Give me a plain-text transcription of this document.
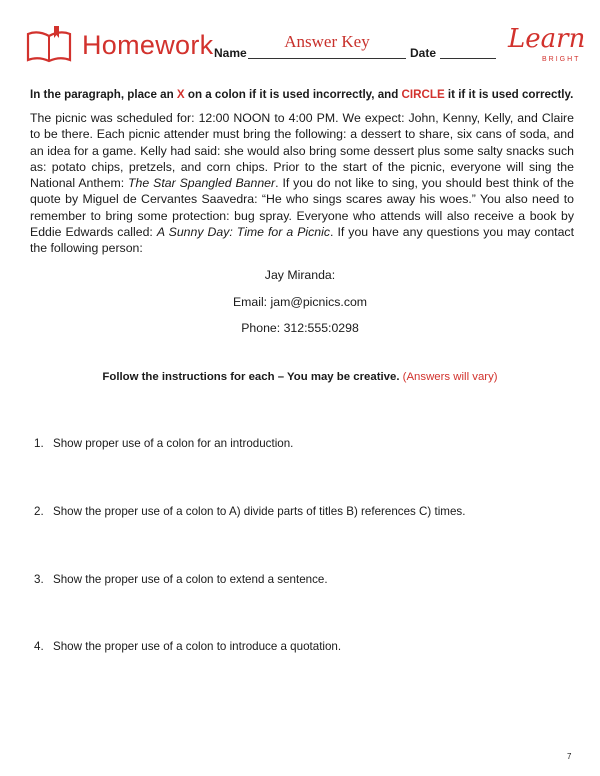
Homework Name
Answer Key
Date	Learn
BRIGHT
In the paragraph, place an X on a colon if it is used incorrectly, and CIRCLE it if it is used correctly.
The picnic was scheduled for: 12:00 NOON to 4:00 PM. We expect: John, Kenny, Kelly, and Claire to be there. Each picnic attender must bring the following: a dessert to share, six cans of soda, and an idea for a game. Kelly had said: she would also bring some dessert plus some salty snacks such as: potato chips, pretzels, and corn chips. Prior to the start of the picnic, everyone will sing the National Anthem: The Star Spangled Banner. If you do not like to sing, you should best think of the quote by Miguel de Cervantes Saavedra: “He who sings scares away his woes.” You also need to remember to bring some protection: bug spray. Everyone who attends will also receive a book by Eddie Edwards called: A Sunny Day: Time for a Picnic. If you have any questions you may contact the following person:
Jay Miranda:
Email: jam@picnics.com
Phone: 312:555:0298
Follow the instructions for each – You may be creative. (Answers will vary)
1. Show proper use of a colon for an introduction.
2. Show the proper use of a colon to A) divide parts of titles B) references C) times.
3. Show the proper use of a colon to extend a sentence.
4. Show the proper use of a colon to introduce a quotation.
7
